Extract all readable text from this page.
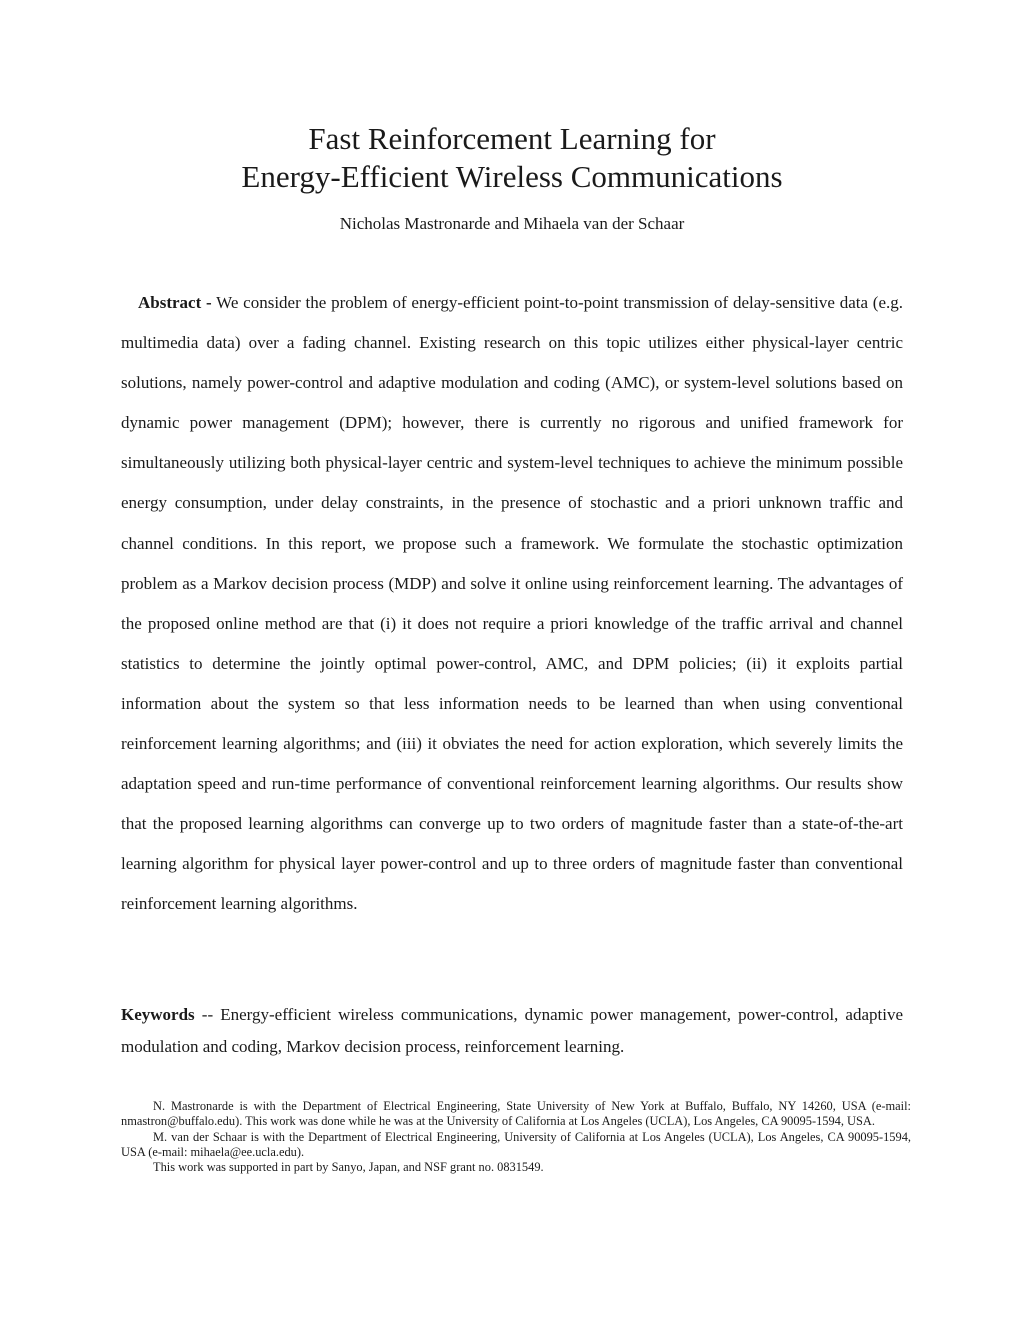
Fast Reinforcement Learning for
Energy-Efficient Wireless Communications

Nicholas Mastronarde and Mihaela van der Schaar

Abstract - We consider the problem of energy-efficient point-to-point transmission of delay-sensitive data (e.g. multimedia data) over a fading channel. Existing research on this topic utilizes either physical-layer centric solutions, namely power-control and adaptive modulation and coding (AMC), or system-level solutions based on dynamic power management (DPM); however, there is currently no rigorous and unified framework for simultaneously utilizing both physical-layer centric and system-level techniques to achieve the minimum possible energy consumption, under delay constraints, in the presence of stochastic and a priori unknown traffic and channel conditions. In this report, we propose such a framework. We formulate the stochastic optimization problem as a Markov decision process (MDP) and solve it online using reinforcement learning. The advantages of the proposed online method are that (i) it does not require a priori knowledge of the traffic arrival and channel statistics to determine the jointly optimal power-control, AMC, and DPM policies; (ii) it exploits partial information about the system so that less information needs to be learned than when using conventional reinforcement learning algorithms; and (iii) it obviates the need for action exploration, which severely limits the adaptation speed and run-time performance of conventional reinforcement learning algorithms. Our results show that the proposed learning algorithms can converge up to two orders of magnitude faster than a state-of-the-art learning algorithm for physical layer power-control and up to three orders of magnitude faster than conventional reinforcement learning algorithms.

Keywords -- Energy-efficient wireless communications, dynamic power management, power-control, adaptive modulation and coding, Markov decision process, reinforcement learning.

N. Mastronarde is with the Department of Electrical Engineering, State University of New York at Buffalo, Buffalo, NY 14260, USA (e-mail: nmastron@buffalo.edu). This work was done while he was at the University of California at Los Angeles (UCLA), Los Angeles, CA 90095-1594, USA.

M. van der Schaar is with the Department of Electrical Engineering, University of California at Los Angeles (UCLA), Los Angeles, CA 90095-1594, USA (e-mail: mihaela@ee.ucla.edu).

This work was supported in part by Sanyo, Japan, and NSF grant no. 0831549.
